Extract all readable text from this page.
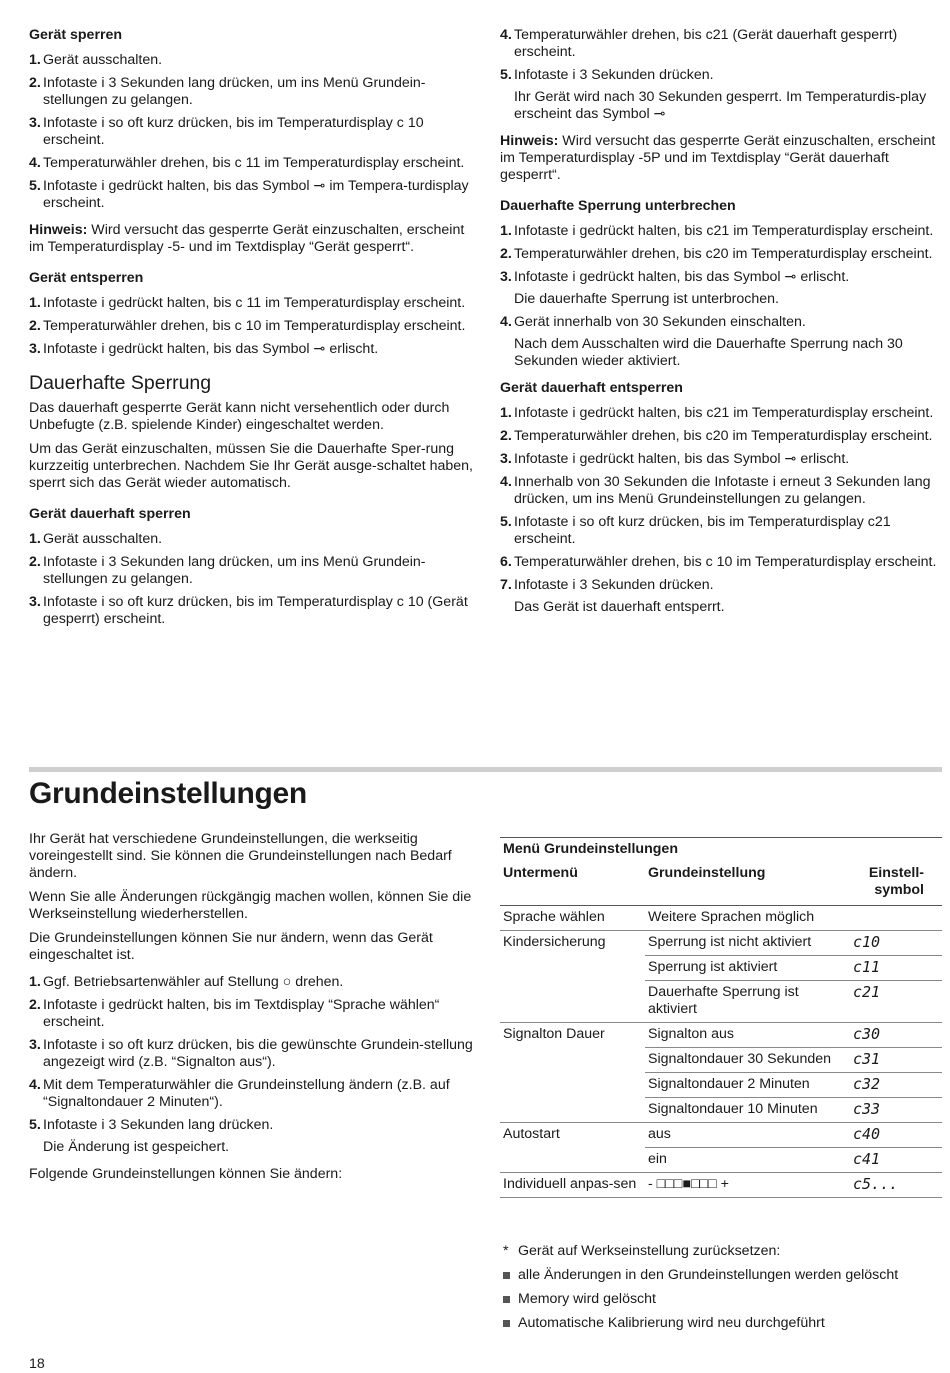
Gerät sperren
1. Gerät ausschalten.
2. Infotaste i 3 Sekunden lang drücken, um ins Menü Grundein-stellungen zu gelangen.
3. Infotaste i so oft kurz drücken, bis im Temperaturdisplay c 10 erscheint.
4. Temperaturwähler drehen, bis c 11 im Temperaturdisplay erscheint.
5. Infotaste i gedrückt halten, bis das Symbol ⊸ im Tempera-turdisplay erscheint.
Hinweis: Wird versucht das gesperrte Gerät einzuschalten, erscheint im Temperaturdisplay -5- und im Textdisplay “Gerät gesperrt“.
Gerät entsperren
1. Infotaste i gedrückt halten, bis c 11 im Temperaturdisplay erscheint.
2. Temperaturwähler drehen, bis c 10 im Temperaturdisplay erscheint.
3. Infotaste i gedrückt halten, bis das Symbol ⊸ erlischt.
Dauerhafte Sperrung
Das dauerhaft gesperrte Gerät kann nicht versehentlich oder durch Unbefugte (z.B. spielende Kinder) eingeschaltet werden.
Um das Gerät einzuschalten, müssen Sie die Dauerhafte Sper-rung kurzzeitig unterbrechen. Nachdem Sie Ihr Gerät ausge-schaltet haben, sperrt sich das Gerät wieder automatisch.
Gerät dauerhaft sperren
1. Gerät ausschalten.
2. Infotaste i 3 Sekunden lang drücken, um ins Menü Grundein-stellungen zu gelangen.
3. Infotaste i so oft kurz drücken, bis im Temperaturdisplay c 10 (Gerät gesperrt) erscheint.
4. Temperaturwähler drehen, bis c21 (Gerät dauerhaft gesperrt) erscheint.
5. Infotaste i 3 Sekunden drücken.
Ihr Gerät wird nach 30 Sekunden gesperrt. Im Temperaturdis-play erscheint das Symbol ⊸
Hinweis: Wird versucht das gesperrte Gerät einzuschalten, erscheint im Temperaturdisplay -5P und im Textdisplay “Gerät dauerhaft gesperrt“.
Dauerhafte Sperrung unterbrechen
1. Infotaste i gedrückt halten, bis c21 im Temperaturdisplay erscheint.
2. Temperaturwähler drehen, bis c20 im Temperaturdisplay erscheint.
3. Infotaste i gedrückt halten, bis das Symbol ⊸ erlischt.
Die dauerhafte Sperrung ist unterbrochen.
4. Gerät innerhalb von 30 Sekunden einschalten.
Nach dem Ausschalten wird die Dauerhafte Sperrung nach 30 Sekunden wieder aktiviert.
Gerät dauerhaft entsperren
1. Infotaste i gedrückt halten, bis c21 im Temperaturdisplay erscheint.
2. Temperaturwähler drehen, bis c20 im Temperaturdisplay erscheint.
3. Infotaste i gedrückt halten, bis das Symbol ⊸ erlischt.
4. Innerhalb von 30 Sekunden die Infotaste i erneut 3 Sekunden lang drücken, um ins Menü Grundeinstellungen zu gelangen.
5. Infotaste i so oft kurz drücken, bis im Temperaturdisplay c21 erscheint.
6. Temperaturwähler drehen, bis c 10 im Temperaturdisplay erscheint.
7. Infotaste i 3 Sekunden drücken.
Das Gerät ist dauerhaft entsperrt.
Grundeinstellungen
Ihr Gerät hat verschiedene Grundeinstellungen, die werkseitig voreingestellt sind. Sie können die Grundeinstellungen nach Bedarf ändern.
Wenn Sie alle Änderungen rückgängig machen wollen, können Sie die Werkseinstellung wiederherstellen.
Die Grundeinstellungen können Sie nur ändern, wenn das Gerät eingeschaltet ist.
1. Ggf. Betriebsartenwähler auf Stellung ○ drehen.
2. Infotaste i gedrückt halten, bis im Textdisplay “Sprache wählen“ erscheint.
3. Infotaste i so oft kurz drücken, bis die gewünschte Grundein-stellung angezeigt wird (z.B. “Signalton aus“).
4. Mit dem Temperaturwähler die Grundeinstellung ändern (z.B. auf “Signaltondauer 2 Minuten“).
5. Infotaste i 3 Sekunden lang drücken.
Die Änderung ist gespeichert.
Folgende Grundeinstellungen können Sie ändern:
Menü Grundeinstellungen		
Untermenü	Grundeinstellung	Einstell-symbol
Sprache wählen	Weitere Sprachen möglich	
Kindersicherung	Sperrung ist nicht aktiviert	c10
	Sperrung ist aktiviert	c11
	Dauerhafte Sperrung ist aktiviert	c21
Signalton Dauer	Signalton aus	c30
	Signaltondauer 30 Sekunden	c31
	Signaltondauer 2 Minuten	c32
	Signaltondauer 10 Minuten	c33
Autostart	aus	c40
	ein	c41
Individuell anpas-sen	- □□□■□□□ +	c5...
* Gerät auf Werkseinstellung zurücksetzen:
alle Änderungen in den Grundeinstellungen werden gelöscht
Memory wird gelöscht
Automatische Kalibrierung wird neu durchgeführt
18
